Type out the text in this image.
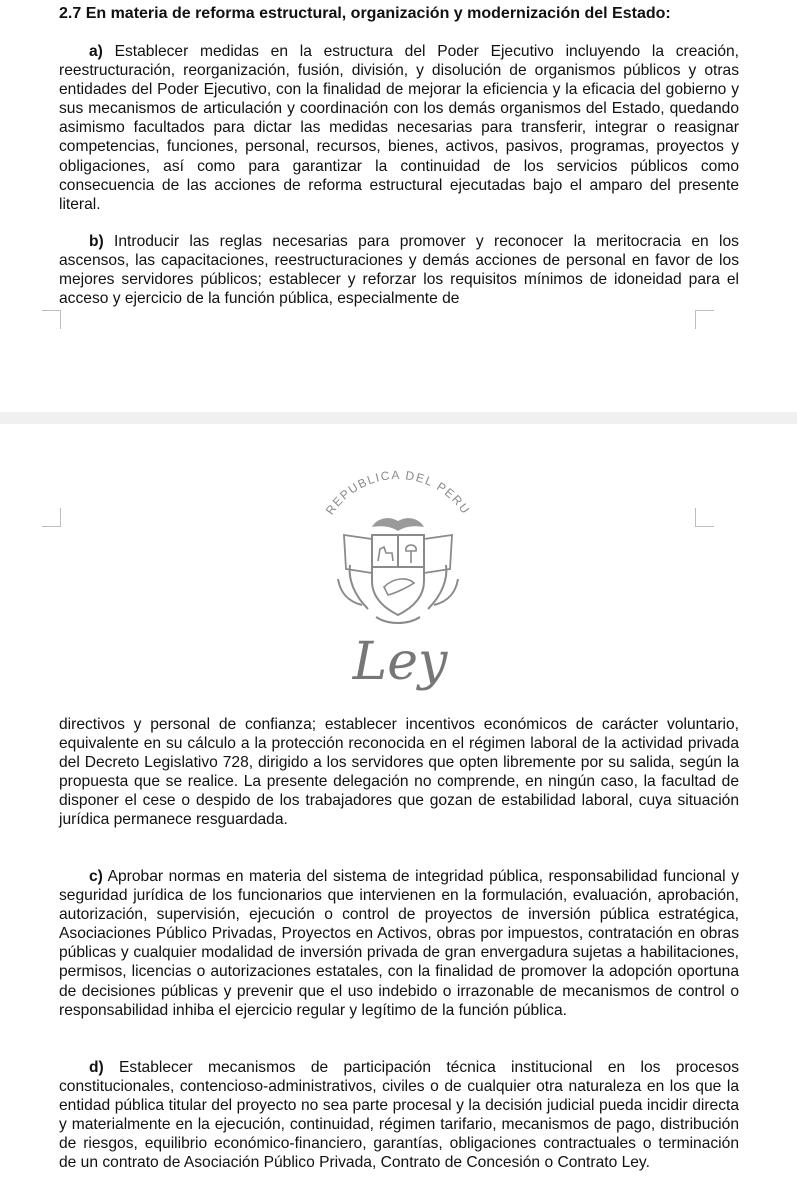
2.7 En materia de reforma estructural, organización y modernización del Estado:

a) Establecer medidas en la estructura del Poder Ejecutivo incluyendo la creación, reestructuración, reorganización, fusión, división, y disolución de organismos públicos y otras entidades del Poder Ejecutivo, con la finalidad de mejorar la eficiencia y la eficacia del gobierno y sus mecanismos de articulación y coordinación con los demás organismos del Estado, quedando asimismo facultados para dictar las medidas necesarias para transferir, integrar o reasignar competencias, funciones, personal, recursos, bienes, activos, pasivos, programas, proyectos y obligaciones, así como para garantizar la continuidad de los servicios públicos como consecuencia de las acciones de reforma estructural ejecutadas bajo el amparo del presente literal.

b) Introducir las reglas necesarias para promover y reconocer la meritocracia en los ascensos, las capacitaciones, reestructuraciones y demás acciones de personal en favor de los mejores servidores públicos; establecer y reforzar los requisitos mínimos de idoneidad para el acceso y ejercicio de la función pública, especialmente de

REPUBLICA DEL PERU
Ley

directivos y personal de confianza; establecer incentivos económicos de carácter voluntario, equivalente en su cálculo a la protección reconocida en el régimen laboral de la actividad privada del Decreto Legislativo 728, dirigido a los servidores que opten libremente por su salida, según la propuesta que se realice. La presente delegación no comprende, en ningún caso, la facultad de disponer el cese o despido de los trabajadores que gozan de estabilidad laboral, cuya situación jurídica permanece resguardada.

c) Aprobar normas en materia del sistema de integridad pública, responsabilidad funcional y seguridad jurídica de los funcionarios que intervienen en la formulación, evaluación, aprobación, autorización, supervisión, ejecución o control de proyectos de inversión pública estratégica, Asociaciones Público Privadas, Proyectos en Activos, obras por impuestos, contratación en obras públicas y cualquier modalidad de inversión privada de gran envergadura sujetas a habilitaciones, permisos, licencias o autorizaciones estatales, con la finalidad de promover la adopción oportuna de decisiones públicas y prevenir que el uso indebido o irrazonable de mecanismos de control o responsabilidad inhiba el ejercicio regular y legítimo de la función pública.

d) Establecer mecanismos de participación técnica institucional en los procesos constitucionales, contencioso-administrativos, civiles o de cualquier otra naturaleza en los que la entidad pública titular del proyecto no sea parte procesal y la decisión judicial pueda incidir directa y materialmente en la ejecución, continuidad, régimen tarifario, mecanismos de pago, distribución de riesgos, equilibrio económico-financiero, garantías, obligaciones contractuales o terminación de un contrato de Asociación Público Privada, Contrato de Concesión o Contrato Ley.
